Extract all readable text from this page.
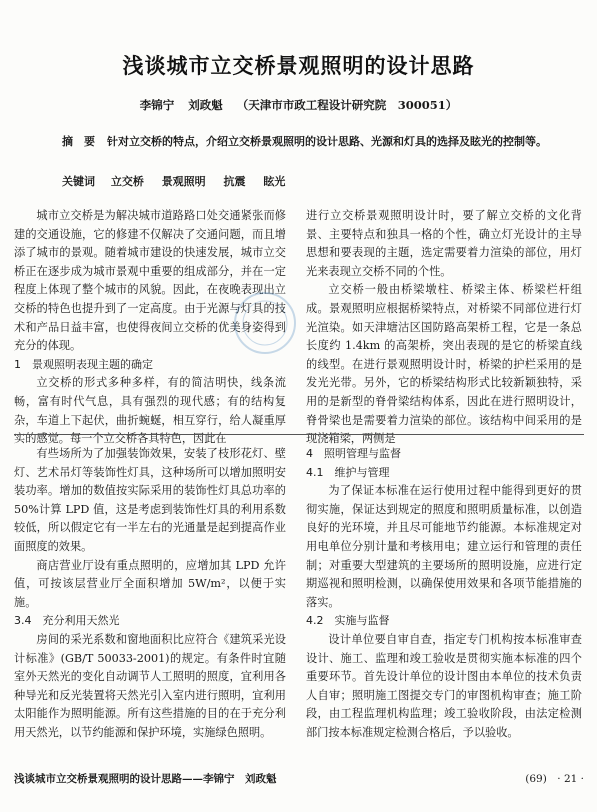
浅谈城市立交桥景观照明的设计思路
李锦宁 刘政魁 （天津市市政工程设计研究院　300051）
摘　要 针对立交桥的特点，介绍立交桥景观照明的设计思路、光源和灯具的选择及眩光的控制等。
关键词 立交桥 景观照明 抗震 眩光

城市立交桥是为解决城市道路路口处交通紧张而修建的交通设施，它的修建不仅解决了交通问题，而且增添了城市的景观。随着城市建设的快速发展，城市立交桥正在逐步成为城市景观中重要的组成部分，并在一定程度上体现了整个城市的风貌。因此，在夜晚表现出立交桥的特色也提升到了一定高度。由于光源与灯具的技术和产品日益丰富，也使得夜间立交桥的优美身姿得到充分的体现。

1　景观照明表现主题的确定

立交桥的形式多种多样，有的简洁明快，线条流畅，富有时代气息，具有强烈的现代感；有的结构复杂，车道上下起伏，曲折蜿蜒，相互穿行，给人凝重厚实的感觉。每一个立交桥各具特色，因此在

进行立交桥景观照明设计时，要了解立交桥的文化背景、主要特点和独具一格的个性，确立灯光设计的主导思想和要表现的主题，选定需要着力渲染的部位，用灯光来表现立交桥不同的个性。

立交桥一般由桥梁墩柱、桥梁主体、桥梁栏杆组成。景观照明应根据桥梁特点，对桥梁不同部位进行灯光渲染。如天津塘沽区国防路高架桥工程，它是一条总长度约 1.4km 的高架桥，突出表现的是它的桥梁直线的线型。在进行景观照明设计时，桥梁的护栏采用的是发光光带。另外，它的桥梁结构形式比较新颖独特，采用的是新型的脊骨梁结构体系，因此在进行照明设计，脊骨梁也是需要着力渲染的部位。该结构中间采用的是现浇箱梁，两侧是

有些场所为了加强装饰效果，安装了枝形花灯、壁灯、艺术吊灯等装饰性灯具，这种场所可以增加照明安装功率。增加的数值按实际采用的装饰性灯具总功率的 50%计算 LPD 值，这是考虑到装饰性灯具的利用系数较低，所以假定它有一半左右的光通量是起到提高作业面照度的效果。

商店营业厅设有重点照明的，应增加其 LPD 允许值，可按该层营业厅全面积增加 5W/m²，以便于实施。

3.4　充分利用天然光

房间的采光系数和窗地面积比应符合《建筑采光设计标准》(GB/T 50033-2001)的规定。有条件时宜随室外天然光的变化自动调节人工照明的照度，宜利用各种导光和反光装置将天然光引入室内进行照明，宜利用太阳能作为照明能源。所有这些措施的目的在于充分利用天然光，以节约能源和保护环境，实施绿色照明。

4　照明管理与监督

4.1　维护与管理

为了保证本标准在运行使用过程中能得到更好的贯彻实施，保证达到规定的照度和照明质量标准，以创造良好的光环境，并且尽可能地节约能源。本标准规定对用电单位分别计量和考核用电；建立运行和管理的责任制；对重要大型建筑的主要场所的照明设施，应进行定期巡视和照明检测，以确保使用效果和各项节能措施的落实。

4.2　实施与监督

设计单位要自审自查，指定专门机构按本标准审查设计、施工、监理和竣工验收是贯彻实施本标准的四个重要环节。首先设计单位的设计图由本单位的技术负责人自审；照明施工图提交专门的审图机构审查；施工阶段，由工程监理机构监理；竣工验收阶段，由法定检测部门按本标准规定检测合格后，予以验收。

浅谈城市立交桥景观照明的设计思路——李锦宁　刘政魁	(69)　· 21 ·
